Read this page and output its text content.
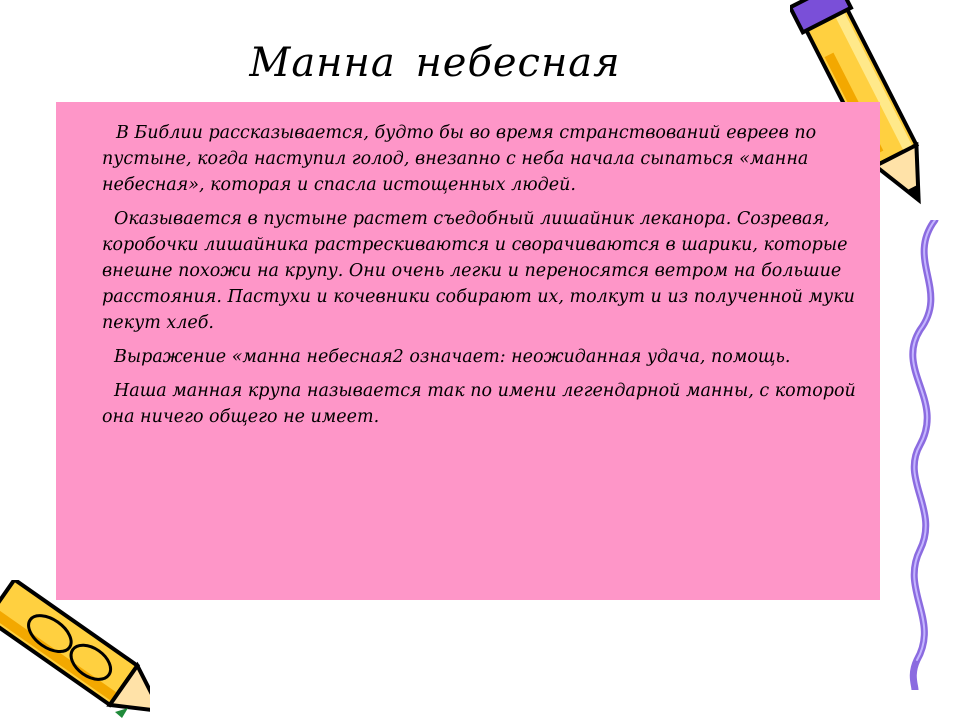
Манна небесная

В Библии рассказывается, будто бы во время странствований евреев по пустыне, когда наступил голод, внезапно с неба начала сыпаться «манна небесная», которая и спасла истощенных людей.

Оказывается в пустыне растет съедобный лишайник леканора. Созревая, коробочки лишайника растрескиваются и сворачиваются в шарики, которые внешне похожи на крупу. Они очень легки и переносятся ветром на большие расстояния. Пастухи и кочевники собирают их, толкут и из полученной муки пекут хлеб.

Выражение «манна небесная2 означает: неожиданная удача, помощь.

Наша манная крупа называется так по имени легендарной манны, с которой она ничего общего не имеет.
